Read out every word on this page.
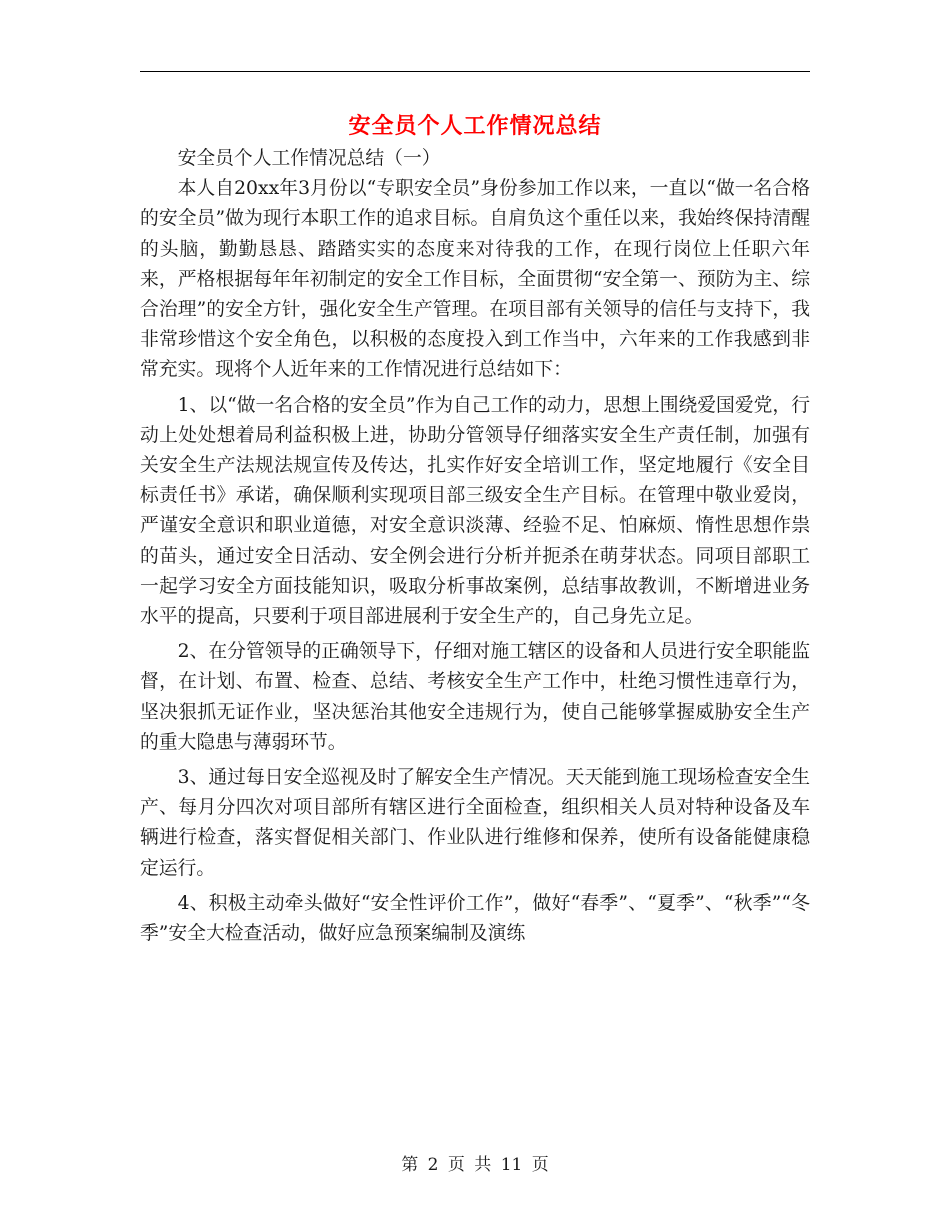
安全员个人工作情况总结

安全员个人工作情况总结（一）

本人自20xx年3月份以“专职安全员”身份参加工作以来，一直以“做一名合格的安全员”做为现行本职工作的追求目标。自肩负这个重任以来，我始终保持清醒的头脑，勤勤恳恳、踏踏实实的态度来对待我的工作，在现行岗位上任职六年来，严格根据每年年初制定的安全工作目标，全面贯彻“安全第一、预防为主、综合治理”的安全方针，强化安全生产管理。在项目部有关领导的信任与支持下，我非常珍惜这个安全角色，以积极的态度投入到工作当中，六年来的工作我感到非常充实。现将个人近年来的工作情况进行总结如下：

1、以“做一名合格的安全员”作为自己工作的动力，思想上围绕爱国爱党，行动上处处想着局利益积极上进，协助分管领导仔细落实安全生产责任制，加强有关安全生产法规法规宣传及传达，扎实作好安全培训工作，坚定地履行《安全目标责任书》承诺，确保顺利实现项目部三级安全生产目标。在管理中敬业爱岗，严谨安全意识和职业道德，对安全意识淡薄、经验不足、怕麻烦、惰性思想作祟的苗头，通过安全日活动、安全例会进行分析并扼杀在萌芽状态。同项目部职工一起学习安全方面技能知识，吸取分析事故案例，总结事故教训，不断增进业务水平的提高，只要利于项目部进展利于安全生产的，自己身先立足。

2、在分管领导的正确领导下，仔细对施工辖区的设备和人员进行安全职能监督，在计划、布置、检查、总结、考核安全生产工作中，杜绝习惯性违章行为，坚决狠抓无证作业，坚决惩治其他安全违规行为，使自己能够掌握威胁安全生产的重大隐患与薄弱环节。

3、通过每日安全巡视及时了解安全生产情况。天天能到施工现场检查安全生产、每月分四次对项目部所有辖区进行全面检查，组织相关人员对特种设备及车辆进行检查，落实督促相关部门、作业队进行维修和保养，使所有设备能健康稳定运行。

4、积极主动牵头做好“安全性评价工作”，做好“春季”、“夏季”、“秋季”“冬季”安全大检查活动，做好应急预案编制及演练

第 2 页 共 11 页
